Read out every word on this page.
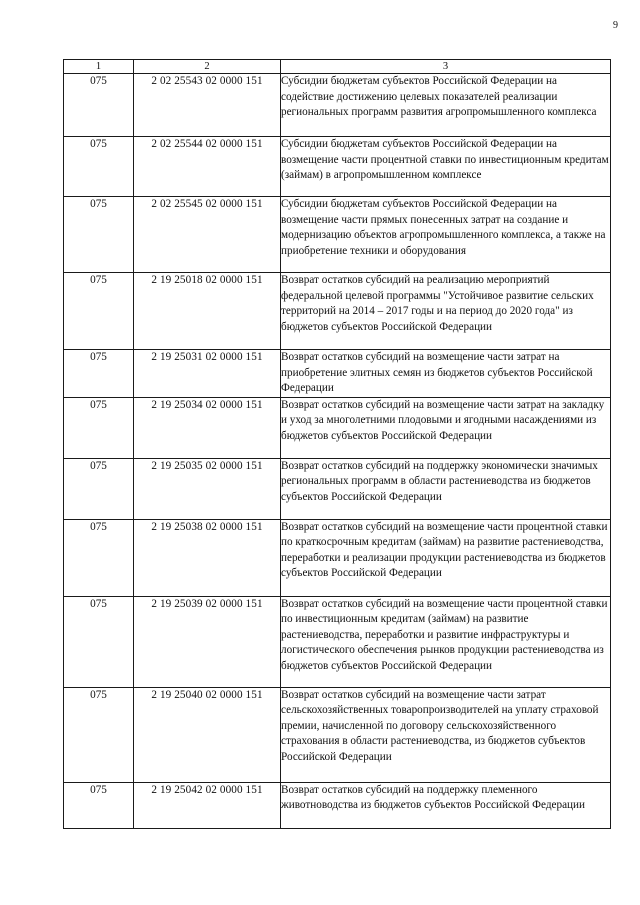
9
1	2	3
075	2 02 25543 02 0000 151	Субсидии бюджетам субъектов Российской Федерации на содействие достижению целевых показателей реализации региональных программ развития агропромышленного комплекса
075	2 02 25544 02 0000 151	Субсидии бюджетам субъектов Российской Федерации на возмещение части процентной ставки по инвестиционным кредитам (займам) в агропромышленном комплексе
075	2 02 25545 02 0000 151	Субсидии бюджетам субъектов Российской Федерации на возмещение части прямых понесенных затрат на создание и модернизацию объектов агропромышленного комплекса, а также на приобретение техники и оборудования
075	2 19 25018 02 0000 151	Возврат остатков субсидий на реализацию мероприятий федеральной целевой программы "Устойчивое развитие сельских территорий на 2014 – 2017 годы и на период до 2020 года" из бюджетов субъектов Российской Федерации
075	2 19 25031 02 0000 151	Возврат остатков субсидий на возмещение части затрат на приобретение элитных семян из бюджетов субъектов Российской Федерации
075	2 19 25034 02 0000 151	Возврат остатков субсидий на возмещение части затрат на закладку и уход за многолетними плодовыми и ягодными насаждениями из бюджетов субъектов Российской Федерации
075	2 19 25035 02 0000 151	Возврат остатков субсидий на поддержку экономически значимых региональных программ в области растениеводства из бюджетов субъектов Российской Федерации
075	2 19 25038 02 0000 151	Возврат остатков субсидий на возмещение части процентной ставки по краткосрочным кредитам (займам) на развитие растениеводства, переработки и реализации продукции растениеводства из бюджетов субъектов Российской Федерации
075	2 19 25039 02 0000 151	Возврат остатков субсидий на возмещение части процентной ставки по инвестиционным кредитам (займам) на развитие растениеводства, переработки и развитие инфраструктуры и логистического обеспечения рынков продукции растениеводства из бюджетов субъектов Российской Федерации
075	2 19 25040 02 0000 151	Возврат остатков субсидий на возмещение части затрат сельскохозяйственных товаропроизводителей на уплату страховой премии, начисленной по договору сельскохозяйственного страхования в области растениеводства, из бюджетов субъектов Российской Федерации
075	2 19 25042 02 0000 151	Возврат остатков субсидий на поддержку племенного животноводства из бюджетов субъектов Российской Федерации
